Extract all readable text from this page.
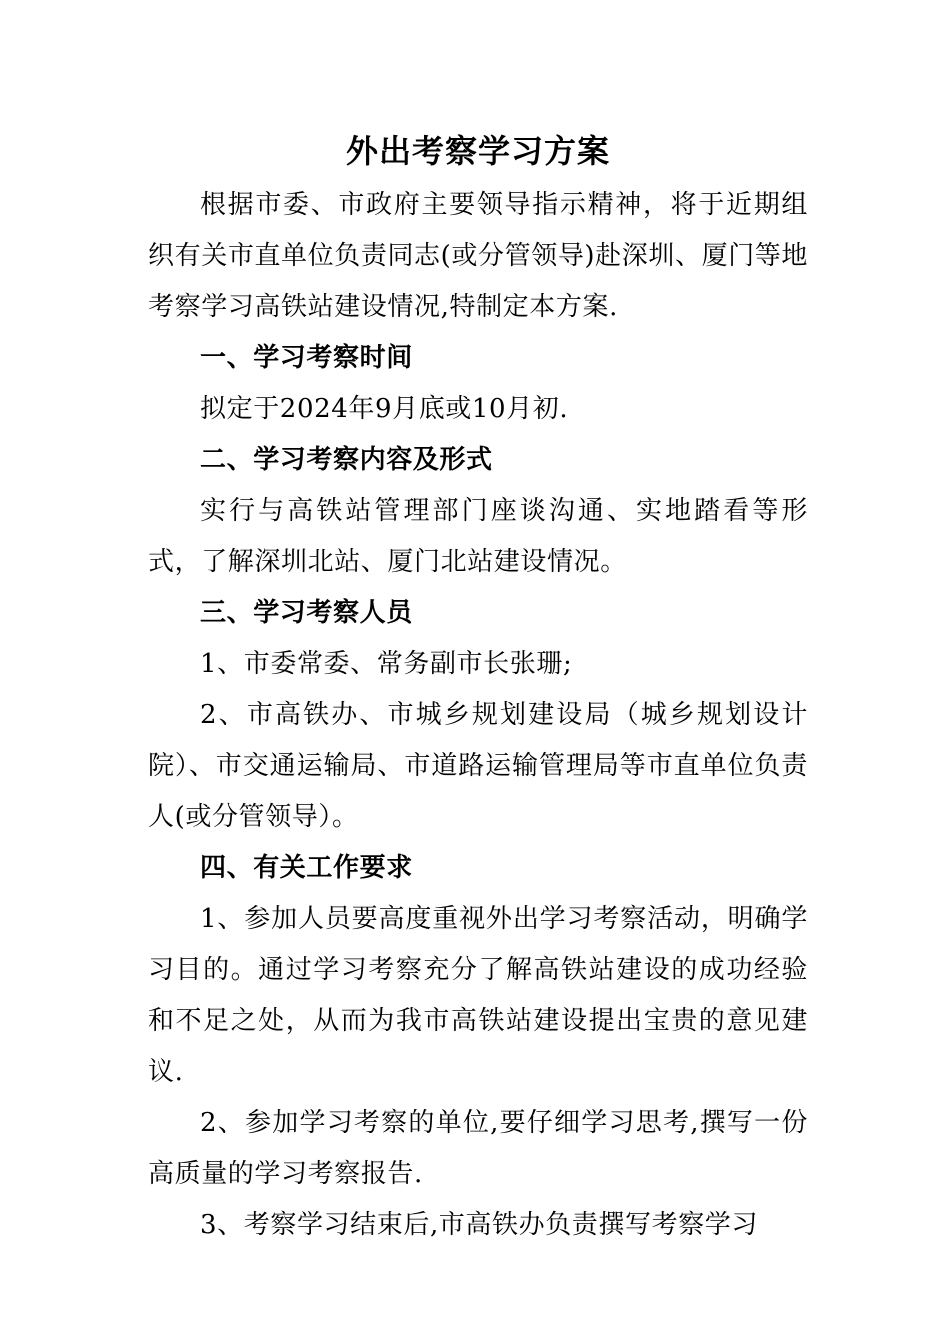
外出考察学习方案

根据市委、市政府主要领导指示精神，将于近期组织有关市直单位负责同志(或分管领导)赴深圳、厦门等地考察学习高铁站建设情况,特制定本方案.

一、学习考察时间

拟定于2024年9月底或10月初.

二、学习考察内容及形式

实行与高铁站管理部门座谈沟通、实地踏看等形式，了解深圳北站、厦门北站建设情况。

三、学习考察人员

1、市委常委、常务副市长张珊;

2、市高铁办、市城乡规划建设局（城乡规划设计院）、市交通运输局、市道路运输管理局等市直单位负责人(或分管领导）。

四、有关工作要求

1、参加人员要高度重视外出学习考察活动，明确学习目的。通过学习考察充分了解高铁站建设的成功经验和不足之处，从而为我市高铁站建设提出宝贵的意见建议.

2、参加学习考察的单位,要仔细学习思考,撰写一份高质量的学习考察报告.

3、考察学习结束后,市高铁办负责撰写考察学习
